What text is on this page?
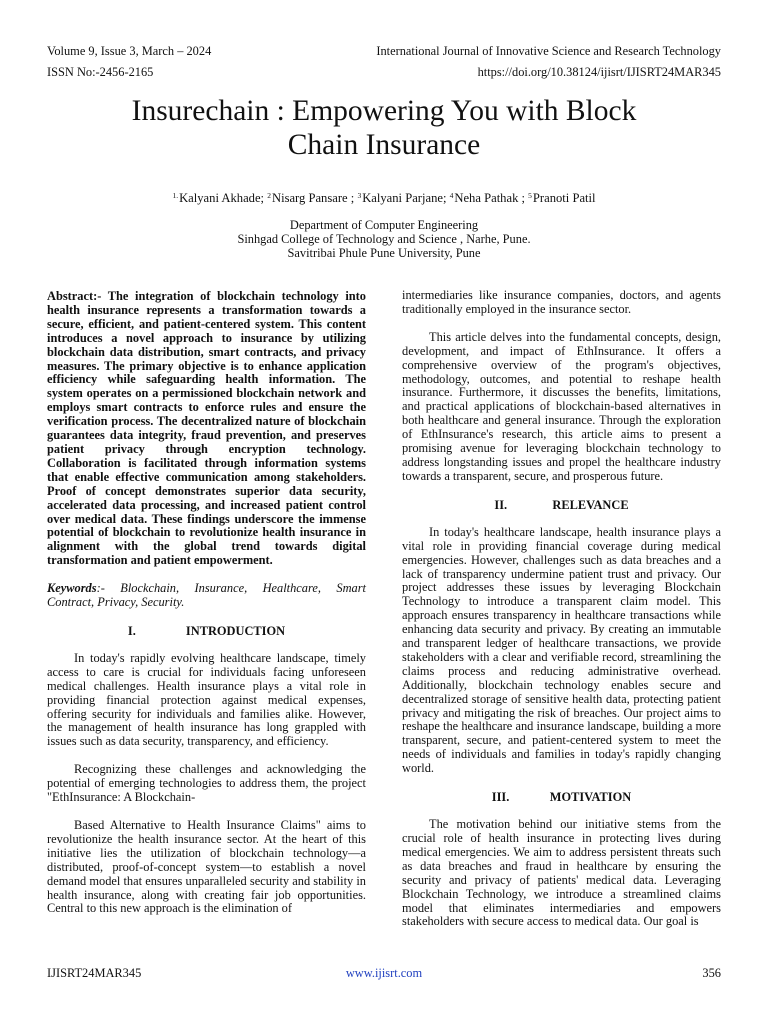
Volume 9, Issue 3, March – 2024
ISSN No:-2456-2165
International Journal of Innovative Science and Research Technology
https://doi.org/10.38124/ijisrt/IJISRT24MAR345
Insurechain : Empowering You with Block
Chain Insurance
$^{1.}$Kalyani Akhade; $^2$Nisarg Pansare ; $^3$Kalyani Parjane; $^4$Neha Pathak ; $^5$Pranoti Patil
Department of Computer Engineering
Sinhgad College of Technology and Science , Narhe, Pune.
Savitribai Phule Pune University, Pune

Abstract:- The integration of blockchain technology into health insurance represents a transformation towards a secure, efficient, and patient-centered system. This content introduces a novel approach to insurance by utilizing blockchain data distribution, smart contracts, and privacy measures. The primary objective is to enhance application efficiency while safeguarding health information. The system operates on a permissioned blockchain network and employs smart contracts to enforce rules and ensure the verification process. The decentralized nature of blockchain guarantees data integrity, fraud prevention, and preserves patient privacy through encryption technology. Collaboration is facilitated through information systems that enable effective communication among stakeholders. Proof of concept demonstrates superior data security, accelerated data processing, and increased patient control over medical data. These findings underscore the immense potential of blockchain to revolutionize health insurance in alignment with the global trend towards digital transformation and patient empowerment.

Keywords:- Blockchain, Insurance, Healthcare, Smart Contract, Privacy, Security.

I.	INTRODUCTION

In today's rapidly evolving healthcare landscape, timely access to care is crucial for individuals facing unforeseen medical challenges. Health insurance plays a vital role in providing financial protection against medical expenses, offering security for individuals and families alike. However, the management of health insurance has long grappled with issues such as data security, transparency, and efficiency.

Recognizing these challenges and acknowledging the potential of emerging technologies to address them, the project "EthInsurance: A Blockchain-

Based Alternative to Health Insurance Claims" aims to revolutionize the health insurance sector. At the heart of this initiative lies the utilization of blockchain technology—a distributed, proof-of-concept system—to establish a novel demand model that ensures unparalleled security and stability in health insurance, along with creating fair job opportunities. Central to this new approach is the elimination of

intermediaries like insurance companies, doctors, and agents traditionally employed in the insurance sector.

This article delves into the fundamental concepts, design, development, and impact of EthInsurance. It offers a comprehensive overview of the program's objectives, methodology, outcomes, and potential to reshape health insurance. Furthermore, it discusses the benefits, limitations, and practical applications of blockchain-based alternatives in both healthcare and general insurance. Through the exploration of EthInsurance's research, this article aims to present a promising avenue for leveraging blockchain technology to address longstanding issues and propel the healthcare industry towards a transparent, secure, and prosperous future.

II.	RELEVANCE

In today's healthcare landscape, health insurance plays a vital role in providing financial coverage during medical emergencies. However, challenges such as data breaches and a lack of transparency undermine patient trust and privacy. Our project addresses these issues by leveraging Blockchain Technology to introduce a transparent claim model. This approach ensures transparency in healthcare transactions while enhancing data security and privacy. By creating an immutable and transparent ledger of healthcare transactions, we provide stakeholders with a clear and verifiable record, streamlining the claims process and reducing administrative overhead. Additionally, blockchain technology enables secure and decentralized storage of sensitive health data, protecting patient privacy and mitigating the risk of breaches. Our project aims to reshape the healthcare and insurance landscape, building a more transparent, secure, and patient-centered system to meet the needs of individuals and families in today's rapidly changing world.

III.	MOTIVATION

The motivation behind our initiative stems from the crucial role of health insurance in protecting lives during medical emergencies. We aim to address persistent threats such as data breaches and fraud in healthcare by ensuring the security and privacy of patients' medical data. Leveraging Blockchain Technology, we introduce a streamlined claims model that eliminates intermediaries and empowers stakeholders with secure access to medical data. Our goal is

IJISRT24MAR345	www.ijisrt.com	356
